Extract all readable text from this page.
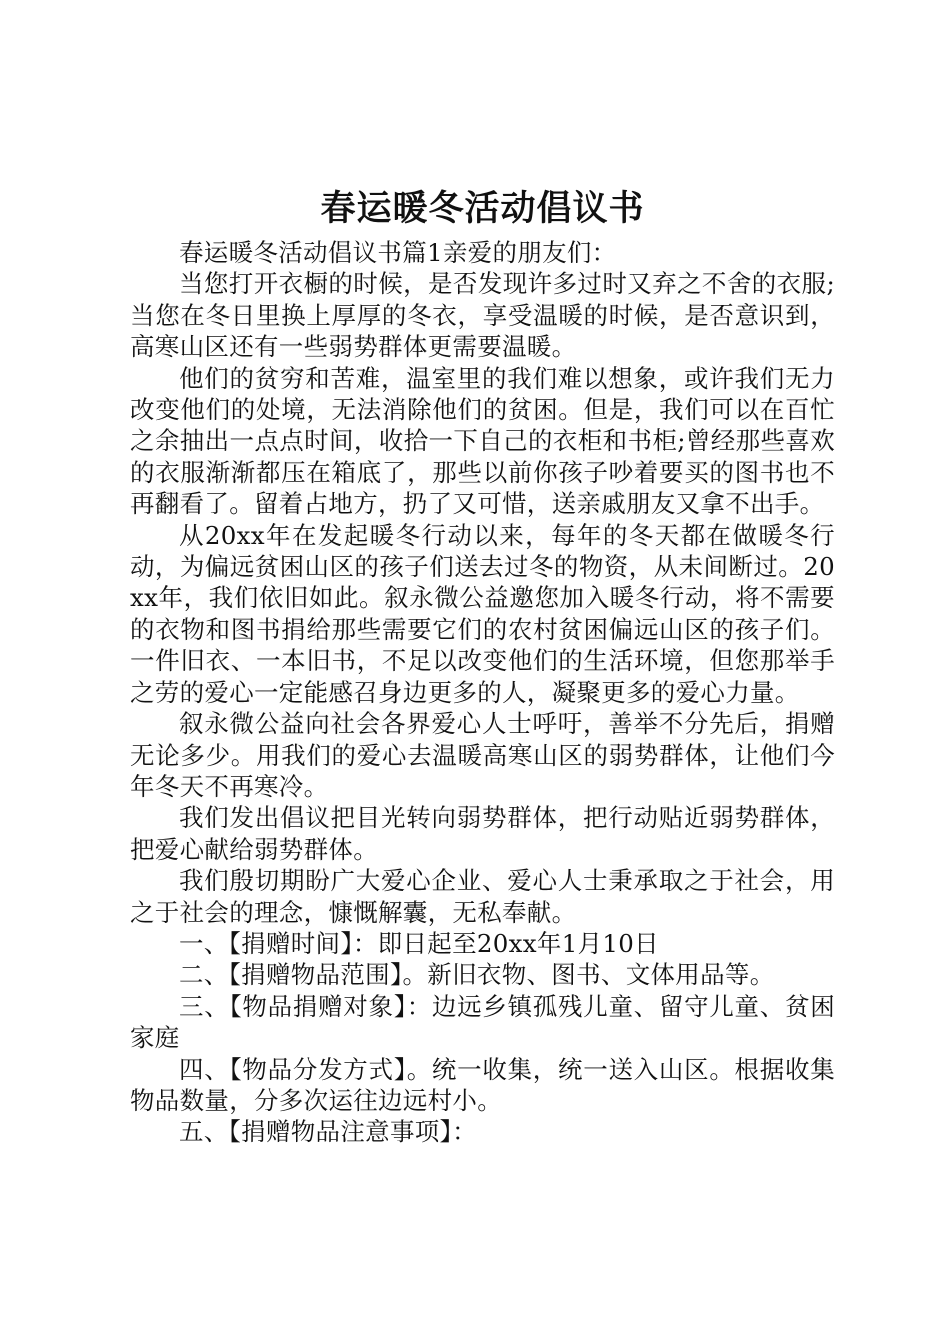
春运暖冬活动倡议书

春运暖冬活动倡议书篇1亲爱的朋友们：

当您打开衣橱的时候，是否发现许多过时又弃之不舍的衣服;当您在冬日里换上厚厚的冬衣，享受温暖的时候，是否意识到，高寒山区还有一些弱势群体更需要温暖。

他们的贫穷和苦难，温室里的我们难以想象，或许我们无力改变他们的处境，无法消除他们的贫困。但是，我们可以在百忙之余抽出一点点时间，收拾一下自己的衣柜和书柜;曾经那些喜欢的衣服渐渐都压在箱底了，那些以前你孩子吵着要买的图书也不再翻看了。留着占地方，扔了又可惜，送亲戚朋友又拿不出手。

从20xx年在发起暖冬行动以来，每年的冬天都在做暖冬行动，为偏远贫困山区的孩子们送去过冬的物资，从未间断过。20xx年，我们依旧如此。叙永微公益邀您加入暖冬行动，将不需要的衣物和图书捐给那些需要它们的农村贫困偏远山区的孩子们。一件旧衣、一本旧书，不足以改变他们的生活环境，但您那举手之劳的爱心一定能感召身边更多的人，凝聚更多的爱心力量。

叙永微公益向社会各界爱心人士呼吁，善举不分先后，捐赠无论多少。用我们的爱心去温暖高寒山区的弱势群体，让他们今年冬天不再寒冷。

我们发出倡议把目光转向弱势群体，把行动贴近弱势群体，把爱心献给弱势群体。

我们殷切期盼广大爱心企业、爱心人士秉承取之于社会，用之于社会的理念，慷慨解囊，无私奉献。

一、【捐赠时间】：即日起至20xx年1月10日

二、【捐赠物品范围】。新旧衣物、图书、文体用品等。

三、【物品捐赠对象】：边远乡镇孤残儿童、留守儿童、贫困家庭

四、【物品分发方式】。统一收集，统一送入山区。根据收集物品数量，分多次运往边远村小。

五、【捐赠物品注意事项】：
